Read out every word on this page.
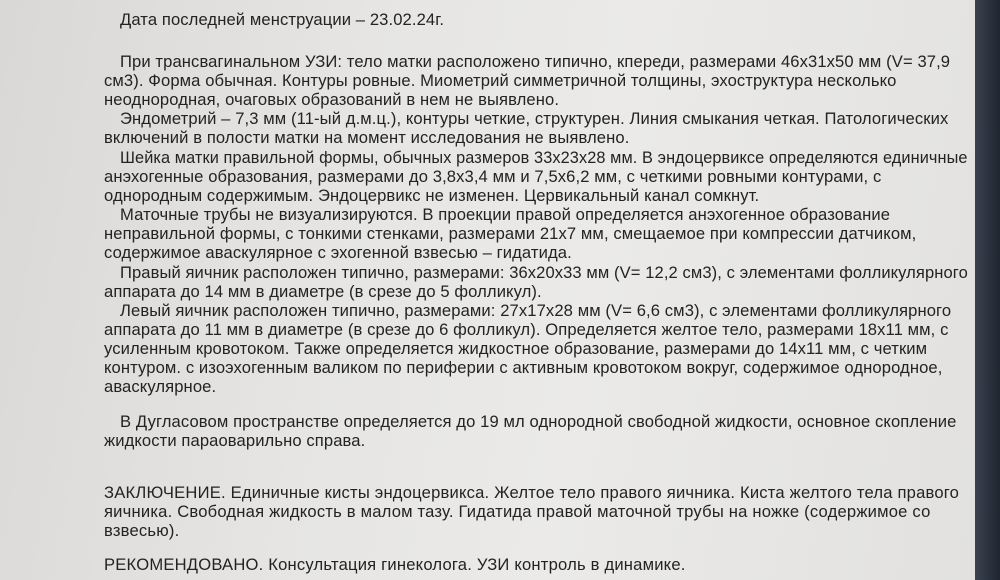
Дата последней менструации – 23.02.24г.
При трансвагинальном УЗИ: тело матки расположено типично, кпереди, размерами 46х31х50 мм (V= 37,9
см3). Форма обычная. Контуры ровные. Миометрий симметричной толщины, эхоструктура несколько
неоднородная, очаговых образований в нем не выявлено.
Эндометрий – 7,3 мм (11-ый д.м.ц.), контуры четкие, структурен. Линия смыкания четкая. Патологических
включений в полости матки на момент исследования не выявлено.
Шейка матки правильной формы, обычных размеров 33х23х28 мм. В эндоцервиксе определяются единичные
анэхогенные образования, размерами до 3,8х3,4 мм и 7,5х6,2 мм, с четкими ровными контурами, с
однородным содержимым. Эндоцервикс не изменен. Цервикальный канал сомкнут.
Маточные трубы не визуализируются. В проекции правой определяется анэхогенное образование
неправильной формы, с тонкими стенками, размерами 21х7 мм, смещаемое при компрессии датчиком,
содержимое аваскулярное с эхогенной взвесью – гидатида.
Правый яичник расположен типично, размерами: 36х20х33 мм (V= 12,2 см3), с элементами фолликулярного
аппарата до 14 мм в диаметре (в срезе до 5 фолликул).
Левый яичник расположен типично, размерами: 27х17х28 мм (V= 6,6 см3), с элементами фолликулярного
аппарата до 11 мм в диаметре (в срезе до 6 фолликул). Определяется желтое тело, размерами 18х11 мм, с
усиленным кровотоком. Также определяется жидкостное образование, размерами до 14х11 мм, с четким
контуром. с изоэхогенным валиком по периферии с активным кровотоком вокруг, содержимое однородное,
аваскулярное.
В Дугласовом пространстве определяется до 19 мл однородной свободной жидкости, основное скопление
жидкости параоварильно справа.
ЗАКЛЮЧЕНИЕ. Единичные кисты эндоцервикса. Желтое тело правого яичника. Киста желтого тела правого
яичника. Свободная жидкость в малом тазу. Гидатида правой маточной трубы на ножке (содержимое со
взвесью).
РЕКОМЕНДОВАНО. Консультация гинеколога. УЗИ контроль в динамике.
